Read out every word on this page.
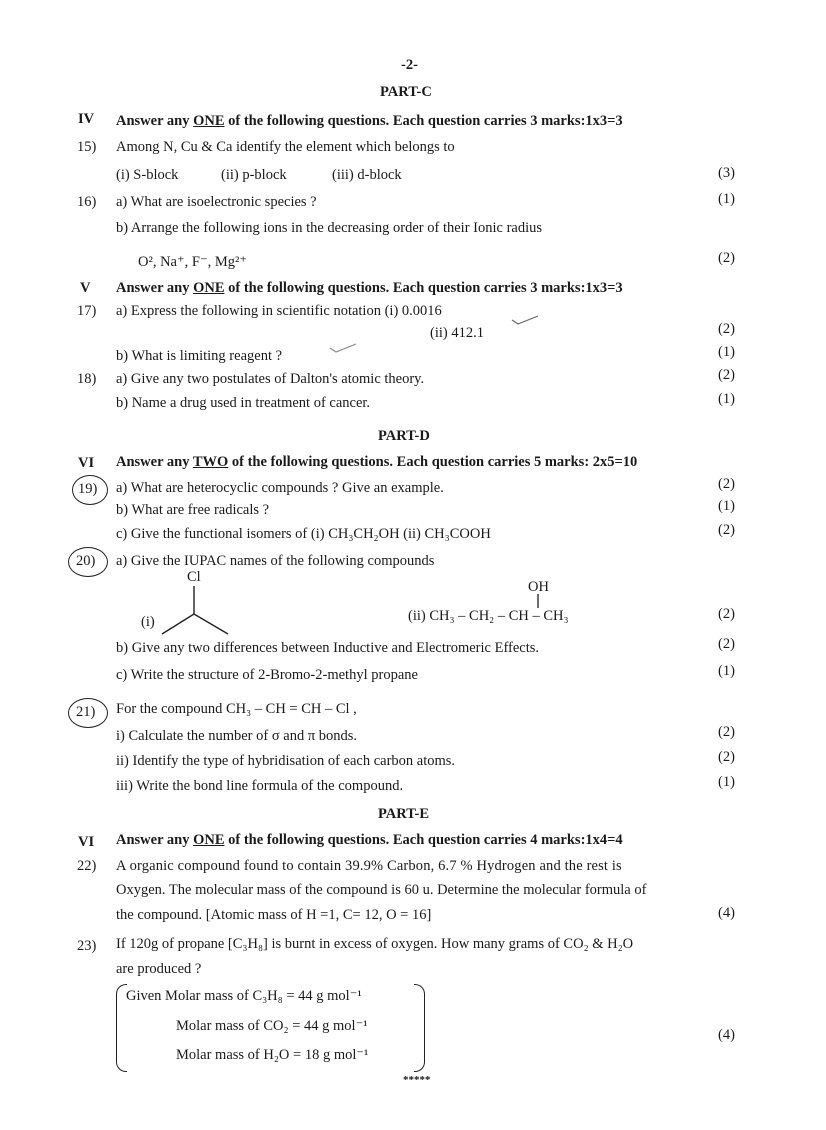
-2-
PART-C
IV Answer any ONE of the following questions. Each question carries 3 marks:1x3=3
15) Among N, Cu & Ca identify the element which belongs to
(i) S-block	(ii) p-block	(iii) d-block	(3)
16) a) What are isoelectronic species ?	(1)
b) Arrange the following ions in the decreasing order of their Ionic radius
O², Na⁺, F⁻, Mg²⁺	(2)
V Answer any ONE of the following questions. Each question carries 3 marks:1x3=3
17) a) Express the following in scientific notation (i) 0.0016
(ii) 412.1	(2)
b) What is limiting reagent ?	(1)
18) a) Give any two postulates of Dalton's atomic theory.	(2)
b) Name a drug used in treatment of cancer.	(1)
PART-D
VI Answer any TWO of the following questions. Each question carries 5 marks: 2x5=10
19) a) What are heterocyclic compounds ? Give an example.	(2)
b) What are free radicals ?	(1)
c) Give the functional isomers of (i) CH₃CH₂OH (ii) CH₃COOH	(2)
20) a) Give the IUPAC names of the following compounds
Cl
(i)
OH
(ii) CH₃ – CH₂ – CH – CH₃	(2)
b) Give any two differences between Inductive and Electromeric Effects.	(2)
c) Write the structure of 2-Bromo-2-methyl propane	(1)
21) For the compound CH₃ – CH = CH – Cl ,
i) Calculate the number of σ and π bonds.	(2)
ii) Identify the type of hybridisation of each carbon atoms.	(2)
iii) Write the bond line formula of the compound.	(1)
PART-E
VI Answer any ONE of the following questions. Each question carries 4 marks:1x4=4
22) A organic compound found to contain 39.9% Carbon, 6.7 % Hydrogen and the rest is
Oxygen. The molecular mass of the compound is 60 u. Determine the molecular formula of
the compound. [Atomic mass of H =1, C= 12, O = 16]	(4)
23) If 120g of propane [C₃H₈] is burnt in excess of oxygen. How many grams of CO₂ & H₂O
are produced ?
Given Molar mass of C₃H₈ = 44 g mol⁻¹
Molar mass of CO₂ = 44 g mol⁻¹
Molar mass of H₂O = 18 g mol⁻¹
(4)
*****
